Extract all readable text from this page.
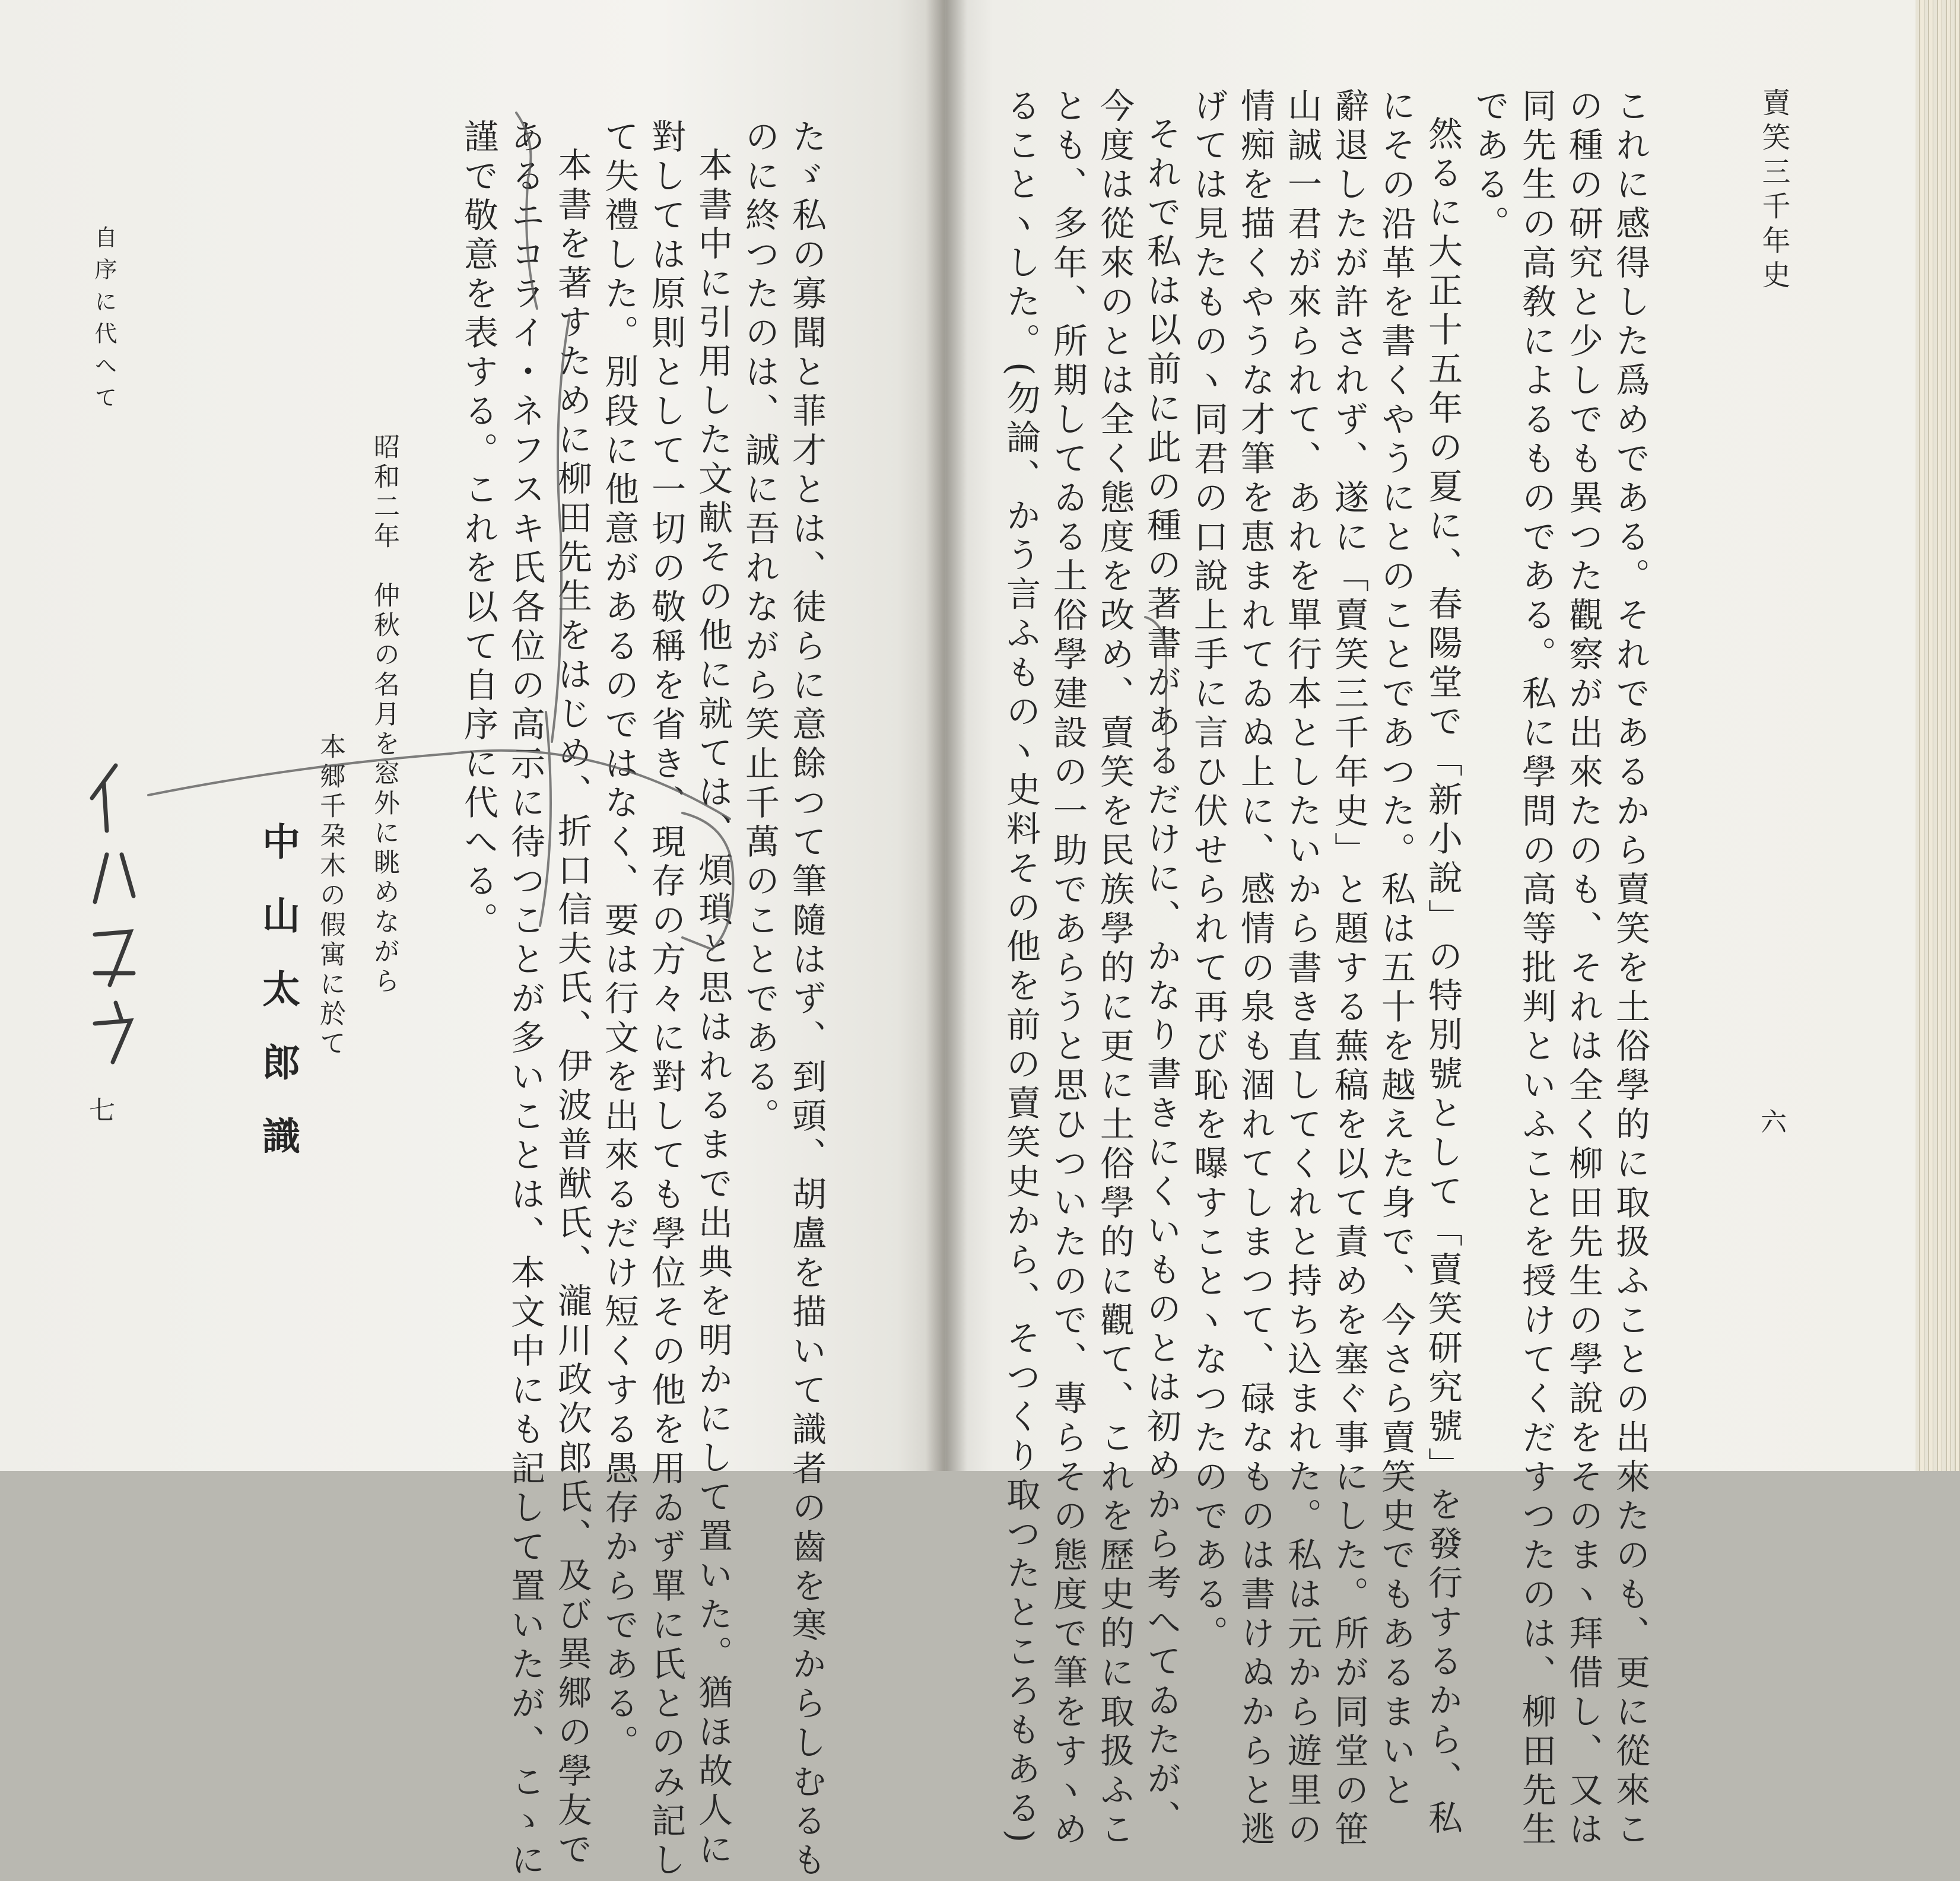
賣笑三千年史
六
自序に代へて
七
昭和二年　仲秋の名月を窓外に眺めながら
本郷千朶木の假寓に於て
中山太郎識	これに感得した爲めである。それであるから賣笑を土俗學的に取扱ふことの出來たのも、更に從來こ
の種の研究と少しでも異つた觀察が出來たのも、それは全く柳田先生の學說をそのまヽ拜借し、又は
同先生の高敎によるものである。私に學問の高等批判といふことを授けてくだすつたのは、柳田先生
である。
然るに大正十五年の夏に、春陽堂で「新小說」の特別號として「賣笑研究號」を發行するから、私
にその沿革を書くやうにとのことであつた。私は五十を越えた身で、今さら賣笑史でもあるまいと
辭退したが許されず、遂に「賣笑三千年史」と題する蕪稿を以て責めを塞ぐ事にした。所が同堂の笹
山誠一君が來られて、あれを單行本としたいから書き直してくれと持ち込まれた。私は元から遊里の
情痴を描くやうな才筆を恵まれてゐぬ上に、感情の泉も涸れてしまつて、碌なものは書けぬからと逃
げては見たものヽ同君の口說上手に言ひ伏せられて再び恥を曝すことヽなつたのである。
それで私は以前に此の種の著書があるだけに、かなり書きにくいものとは初めから考へてゐたが、
今度は從來のとは全く態度を改め、賣笑を民族學的に更に土俗學的に觀て、これを歷史的に取扱ふこ
とも、多年、所期してゐる土俗學建設の一助であらうと思ひついたので、專らその態度で筆をすヽめ
ることヽした。(勿論、かう言ふものヽ史料その他を前の賣笑史から、そつくり取つたところもある)
たゞ私の寡聞と菲才とは、徒らに意餘つて筆隨はず、到頭、胡盧を描いて識者の齒を寒からしむるも
のに終つたのは、誠に吾れながら笑止千萬のことである。
本書中に引用した文献その他に就ては、煩瑣と思はれるまで出典を明かにして置いた。猶ほ故人に
對しては原則として一切の敬稱を省き、現存の方々に對しても學位その他を用ゐず單に氏とのみ記し
て失禮した。別段に他意があるのではなく、要は行文を出來るだけ短くする愚存からである。
本書を著すために柳田先生をはじめ、折口信夫氏、伊波普猷氏、瀧川政次郎氏、及び異郷の學友で
あるニコライ・ネフスキ氏各位の高示に待つことが多いことは、本文中にも記して置いたが、こゝに
謹で敬意を表する。これを以て自序に代へる。
